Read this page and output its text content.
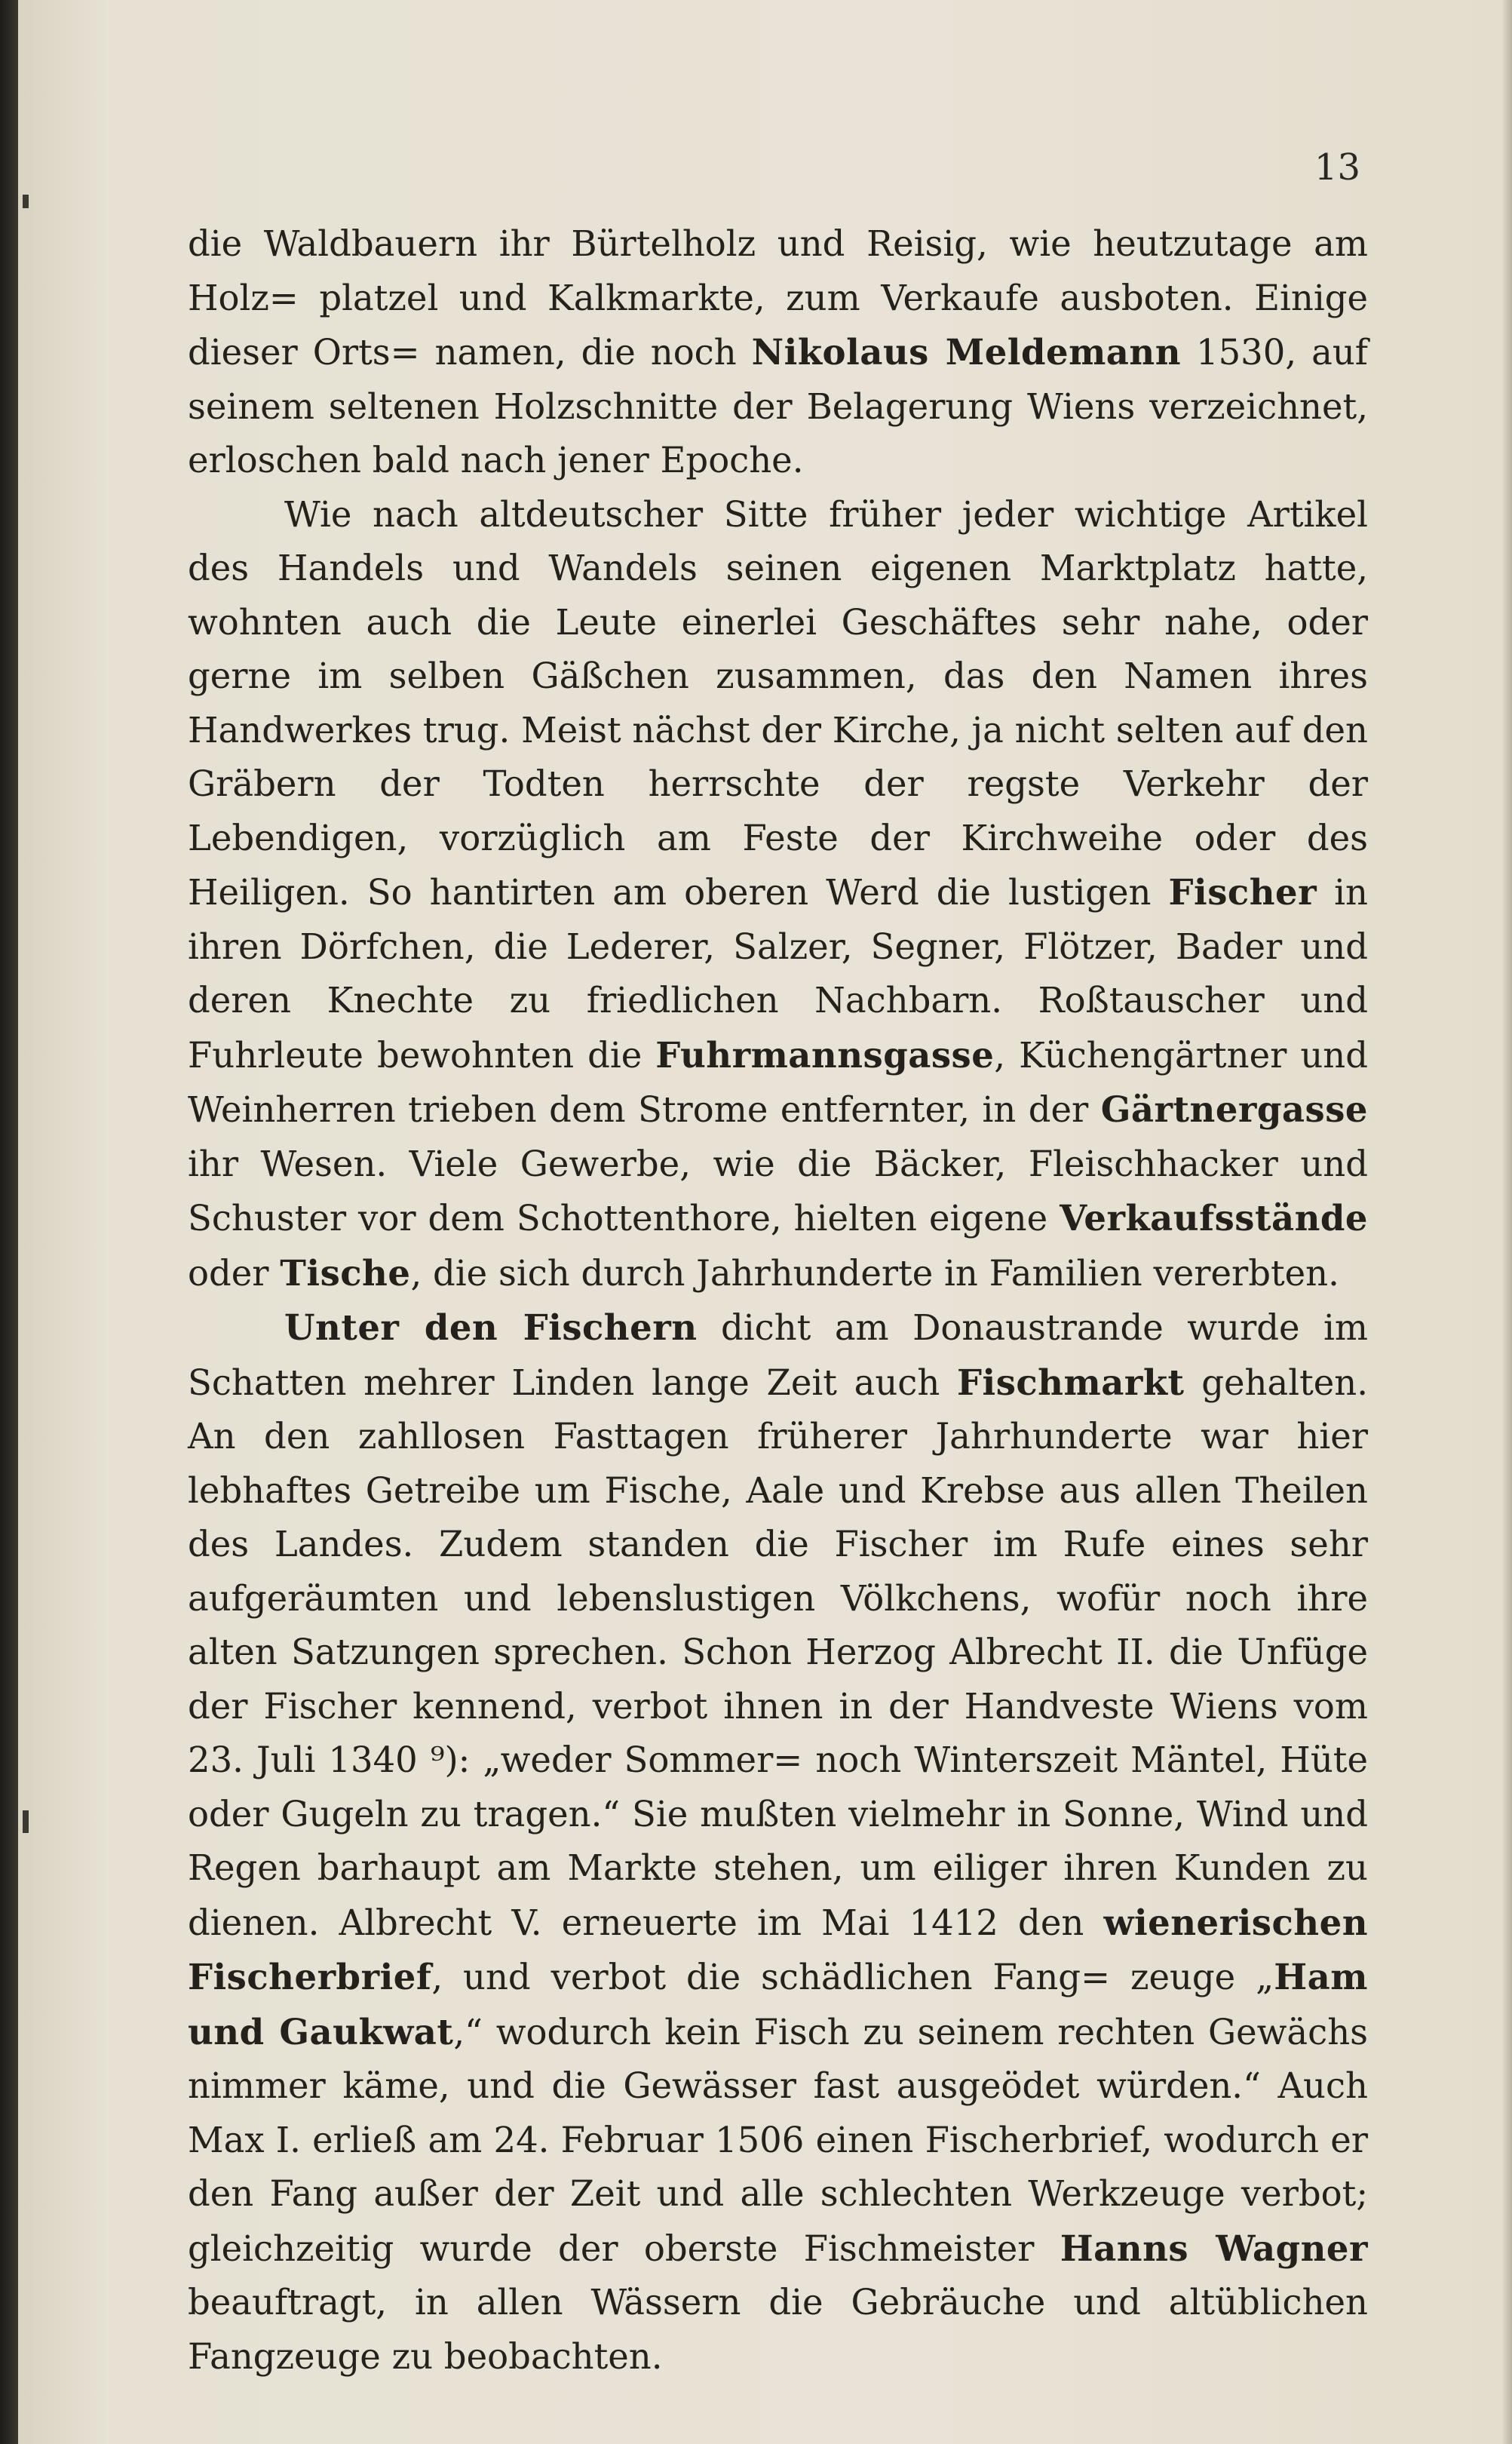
13

die Waldbauern ihr Bürtelholz und Reisig, wie heutzutage am Holz= platzel und Kalkmarkte, zum Verkaufe ausboten. Einige dieser Orts= namen, die noch Nikolaus Meldemann 1530, auf seinem seltenen Holzschnitte der Belagerung Wiens verzeichnet, erloschen bald nach jener Epoche.

Wie nach altdeutscher Sitte früher jeder wichtige Artikel des Handels und Wandels seinen eigenen Marktplatz hatte, wohnten auch die Leute einerlei Geschäftes sehr nahe, oder gerne im selben Gäßchen zusammen, das den Namen ihres Handwerkes trug. Meist nächst der Kirche, ja nicht selten auf den Gräbern der Todten herrschte der regste Verkehr der Lebendigen, vorzüglich am Feste der Kirchweihe oder des Heiligen. So hantirten am oberen Werd die lustigen Fischer in ihren Dörfchen, die Lederer, Salzer, Segner, Flötzer, Bader und deren Knechte zu friedlichen Nachbarn. Roßtauscher und Fuhrleute bewohnten die Fuhrmannsgasse, Küchengärtner und Weinherren trieben dem Strome entfernter, in der Gärtnergasse ihr Wesen. Viele Gewerbe, wie die Bäcker, Fleischhacker und Schuster vor dem Schottenthore, hielten eigene Verkaufsstände oder Tische, die sich durch Jahrhunderte in Familien vererbten.

Unter den Fischern dicht am Donaustrande wurde im Schatten mehrer Linden lange Zeit auch Fischmarkt gehalten. An den zahllosen Fasttagen früherer Jahrhunderte war hier lebhaftes Getreibe um Fische, Aale und Krebse aus allen Theilen des Landes. Zudem standen die Fischer im Rufe eines sehr aufgeräumten und lebenslustigen Völkchens, wofür noch ihre alten Satzungen sprechen. Schon Herzog Albrecht II. die Unfüge der Fischer kennend, verbot ihnen in der Handveste Wiens vom 23. Juli 1340 ⁹): „weder Sommer= noch Winterszeit Mäntel, Hüte oder Gugeln zu tragen.“ Sie mußten vielmehr in Sonne, Wind und Regen barhaupt am Markte stehen, um eiliger ihren Kunden zu dienen. Albrecht V. erneuerte im Mai 1412 den wienerischen Fischerbrief, und verbot die schädlichen Fang= zeuge „Ham und Gaukwat,“ wodurch kein Fisch zu seinem rechten Gewächs nimmer käme, und die Gewässer fast ausgeödet würden.“ Auch Max I. erließ am 24. Februar 1506 einen Fischerbrief, wodurch er den Fang außer der Zeit und alle schlechten Werkzeuge verbot; gleichzeitig wurde der oberste Fischmeister Hanns Wagner beauftragt, in allen Wässern die Gebräuche und altüblichen Fangzeuge zu beobachten.
